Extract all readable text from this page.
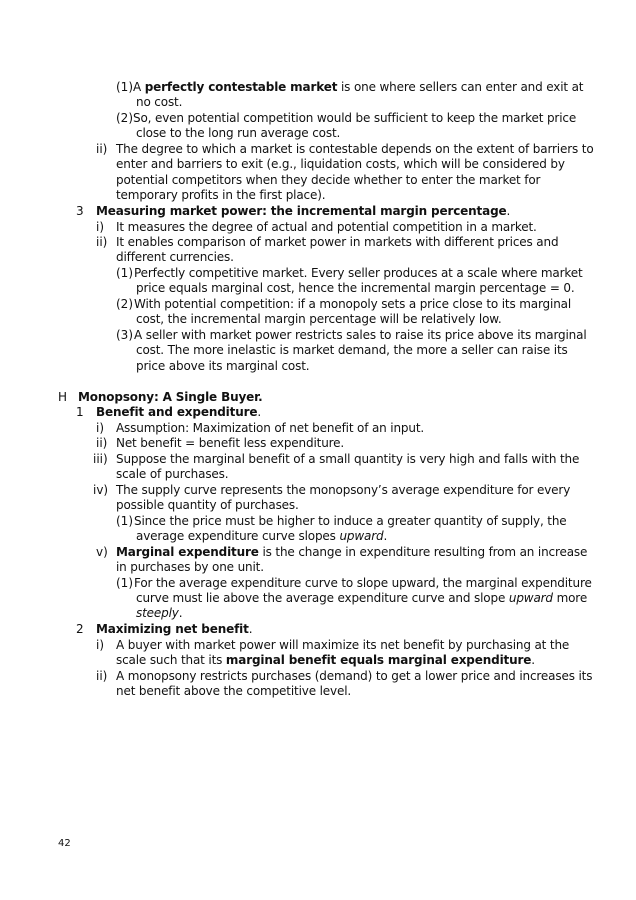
(1) A perfectly contestable market is one where sellers can enter and exit at
no cost.
(2) So, even potential competition would be sufficient to keep the market price
close to the long run average cost.
ii) The degree to which a market is contestable depends on the extent of barriers to
enter and barriers to exit (e.g., liquidation costs, which will be considered by
potential competitors when they decide whether to enter the market for
temporary profits in the first place).
3 Measuring market power: the incremental margin percentage.
i) It measures the degree of actual and potential competition in a market.
ii) It enables comparison of market power in markets with different prices and
different currencies.
(1) Perfectly competitive market. Every seller produces at a scale where market
price equals marginal cost, hence the incremental margin percentage = 0.
(2) With potential competition: if a monopoly sets a price close to its marginal
cost, the incremental margin percentage will be relatively low.
(3) A seller with market power restricts sales to raise its price above its marginal
cost. The more inelastic is market demand, the more a seller can raise its
price above its marginal cost.
H Monopsony: A Single Buyer.
1 Benefit and expenditure.
i) Assumption: Maximization of net benefit of an input.
ii) Net benefit = benefit less expenditure.
iii) Suppose the marginal benefit of a small quantity is very high and falls with the
scale of purchases.
iv) The supply curve represents the monopsony’s average expenditure for every
possible quantity of purchases.
(1) Since the price must be higher to induce a greater quantity of supply, the
average expenditure curve slopes upward.
v) Marginal expenditure is the change in expenditure resulting from an increase
in purchases by one unit.
(1) For the average expenditure curve to slope upward, the marginal expenditure
curve must lie above the average expenditure curve and slope upward more
steeply.
2 Maximizing net benefit.
i) A buyer with market power will maximize its net benefit by purchasing at the
scale such that its marginal benefit equals marginal expenditure.
ii) A monopsony restricts purchases (demand) to get a lower price and increases its
net benefit above the competitive level.
42
